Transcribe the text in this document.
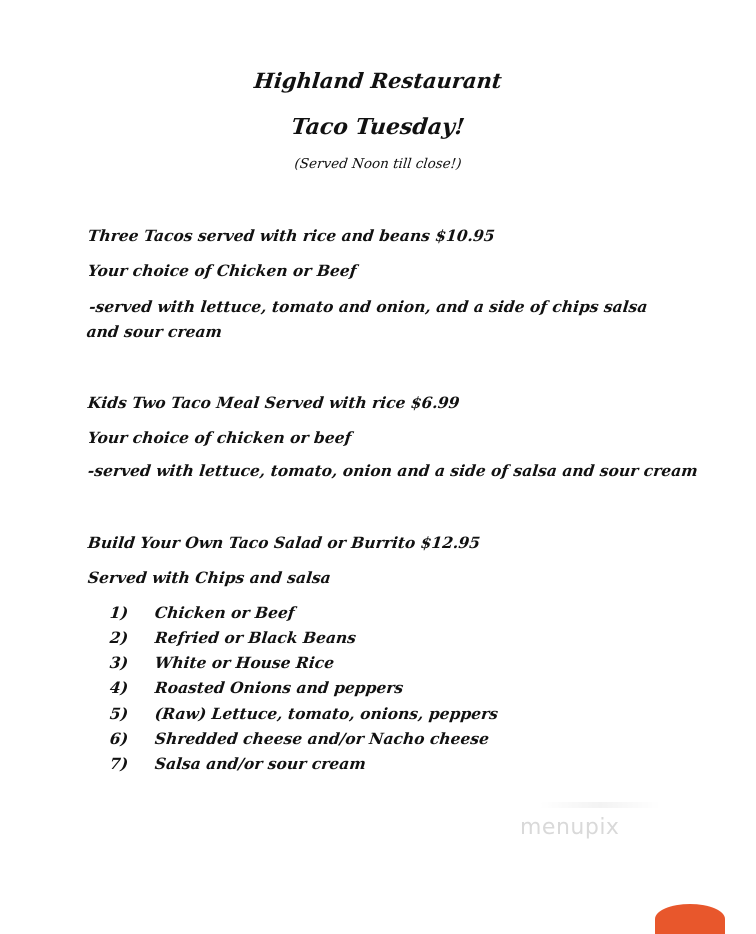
Highland Restaurant
Taco Tuesday!
(Served Noon till close!)
Three Tacos served with rice and beans $10.95
Your choice of Chicken or Beef
-served with lettuce, tomato and onion, and a side of chips salsa and sour cream
Kids Two Taco Meal Served with rice $6.99
Your choice of chicken or beef
-served with lettuce, tomato, onion and a side of salsa and sour cream
Build Your Own Taco Salad or Burrito $12.95
Served with Chips and salsa
1) Chicken or Beef
2) Refried or Black Beans
3) White or House Rice
4) Roasted Onions and peppers
5) (Raw) Lettuce, tomato, onions, peppers
6) Shredded cheese and/or Nacho cheese
7) Salsa and/or sour cream
menupix
